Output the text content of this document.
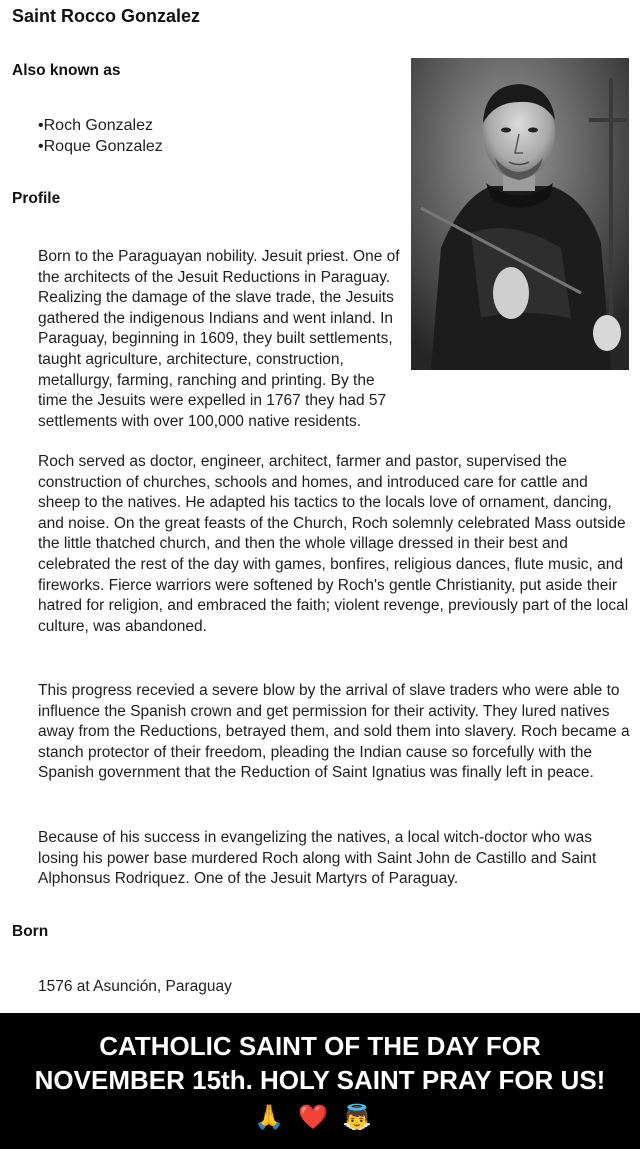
Saint Rocco Gonzalez
Also known as
• Roch Gonzalez
• Roque Gonzalez
Profile

Born to the Paraguayan nobility. Jesuit priest. One of the architects of the Jesuit Reductions in Paraguay. Realizing the damage of the slave trade, the Jesuits gathered the indigenous Indians and went inland. In Paraguay, beginning in 1609, they built settlements, taught agriculture, architecture, construction, metallurgy, farming, ranching and printing. By the time the Jesuits were expelled in 1767 they had 57 settlements with over 100,000 native residents.

Roch served as doctor, engineer, architect, farmer and pastor, supervised the construction of churches, schools and homes, and introduced care for cattle and sheep to the natives. He adapted his tactics to the locals love of ornament, dancing, and noise. On the great feasts of the Church, Roch solemnly celebrated Mass outside the little thatched church, and then the whole village dressed in their best and celebrated the rest of the day with games, bonfires, religious dances, flute music, and fireworks. Fierce warriors were softened by Roch's gentle Christianity, put aside their hatred for religion, and embraced the faith; violent revenge, previously part of the local culture, was abandoned.

This progress recevied a severe blow by the arrival of slave traders who were able to influence the Spanish crown and get permission for their activity. They lured natives away from the Reductions, betrayed them, and sold them into slavery. Roch became a stanch protector of their freedom, pleading the Indian cause so forcefully with the Spanish government that the Reduction of Saint Ignatius was finally left in peace.

Because of his success in evangelizing the natives, a local witch-doctor who was losing his power base murdered Roch along with Saint John de Castillo and Saint Alphonsus Rodriquez. One of the Jesuit Martyrs of Paraguay.

Born

1576 at Asunción, Paraguay

CATHOLIC SAINT OF THE DAY FOR
NOVEMBER 15th. HOLY SAINT PRAY FOR US!
🙏❤️👼
